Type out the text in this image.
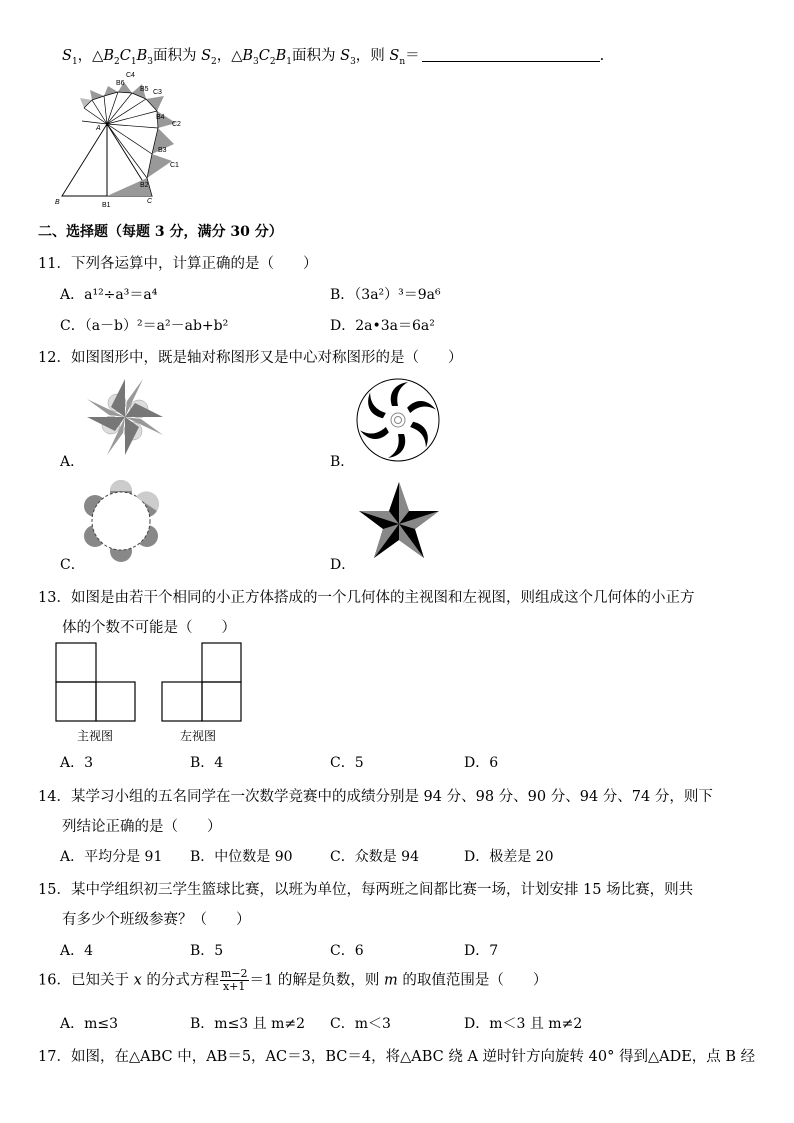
$S_1$，$\triangle B_2C_1B_3$面积为 $S_2$，$\triangle B_3C_2B_1$面积为 $S_3$，则 $S_n=$	.
A
B	B1
C
B2
C1
B3
C2
B4
C3
B5
C4
B6
二、选择题（每题 3 分，满分 30 分）
11．下列各运算中，计算正确的是（　　）
A．a¹²÷a³＝a⁴	B．（3a²）³＝9a⁶
C．（a－b）²＝a²－ab+b²	D．2a•3a＝6a²
12．如图图形中，既是轴对称图形又是中心对称图形的是（　　）
A．	B．
C．	D．
13．如图是由若干个相同的小正方体搭成的一个几何体的主视图和左视图，则组成这个几何体的小正方
体的个数不可能是（　　）
主视图	左视图
A．3	B．4	C．5	D．6
14．某学习小组的五名同学在一次数学竞赛中的成绩分别是 94 分、98 分、90 分、94 分、74 分，则下
列结论正确的是（　　）
A．平均分是 91 B．中位数是 90	C．众数是 94	D．极差是 20
15．某中学组织初三学生篮球比赛，以班为单位，每两班之间都比赛一场，计划安排 15 场比赛，则共
有多少个班级参赛？（　　）
A．4	B．5	C．6	D．7
16．已知关于 x 的分式方程 $\frac{m-2}{x+1} =1$ 的解是负数，则 m 的取值范围是（　　）
A．m≤3	B．m≤3 且 m≠2 C．m＜3	D．m＜3 且 m≠2
17．如图，在△ABC 中，AB＝5，AC＝3，BC＝4，将△ABC 绕 A 逆时针方向旋转 40° 得到△ADE，点 B 经
